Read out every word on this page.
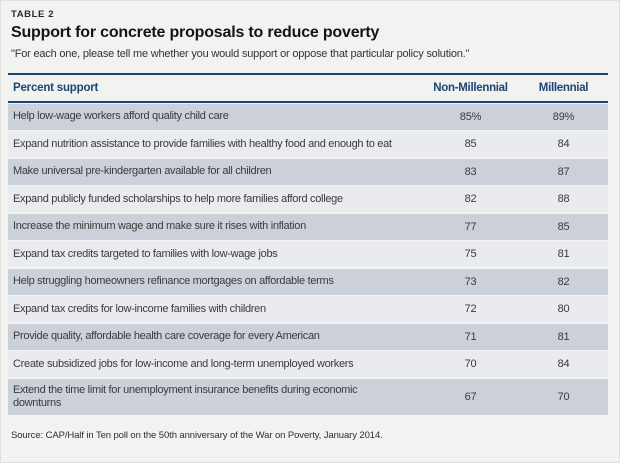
TABLE 2
Support for concrete proposals to reduce poverty
"For each one, please tell me whether you would support or oppose that particular policy solution."
Percent support	Non-Millennial	Millennial
Help low-wage workers afford quality child care	85%	89%
Expand nutrition assistance to provide families with healthy food and enough to eat	85	84
Make universal pre-kindergarten available for all children	83	87
Expand publicly funded scholarships to help more families afford college	82	88
Increase the minimum wage and make sure it rises with inflation	77	85
Expand tax credits targeted to families with low-wage jobs	75	81
Help struggling homeowners refinance mortgages on affordable terms	73	82
Expand tax credits for low-income families with children	72	80
Provide quality, affordable health care coverage for every American	71	81
Create subsidized jobs for low-income and long-term unemployed workers	70	84
Extend the time limit for unemployment insurance benefits during economic downturns	67	70
Source: CAP/Half in Ten poll on the 50th anniversary of the War on Poverty, January 2014.
